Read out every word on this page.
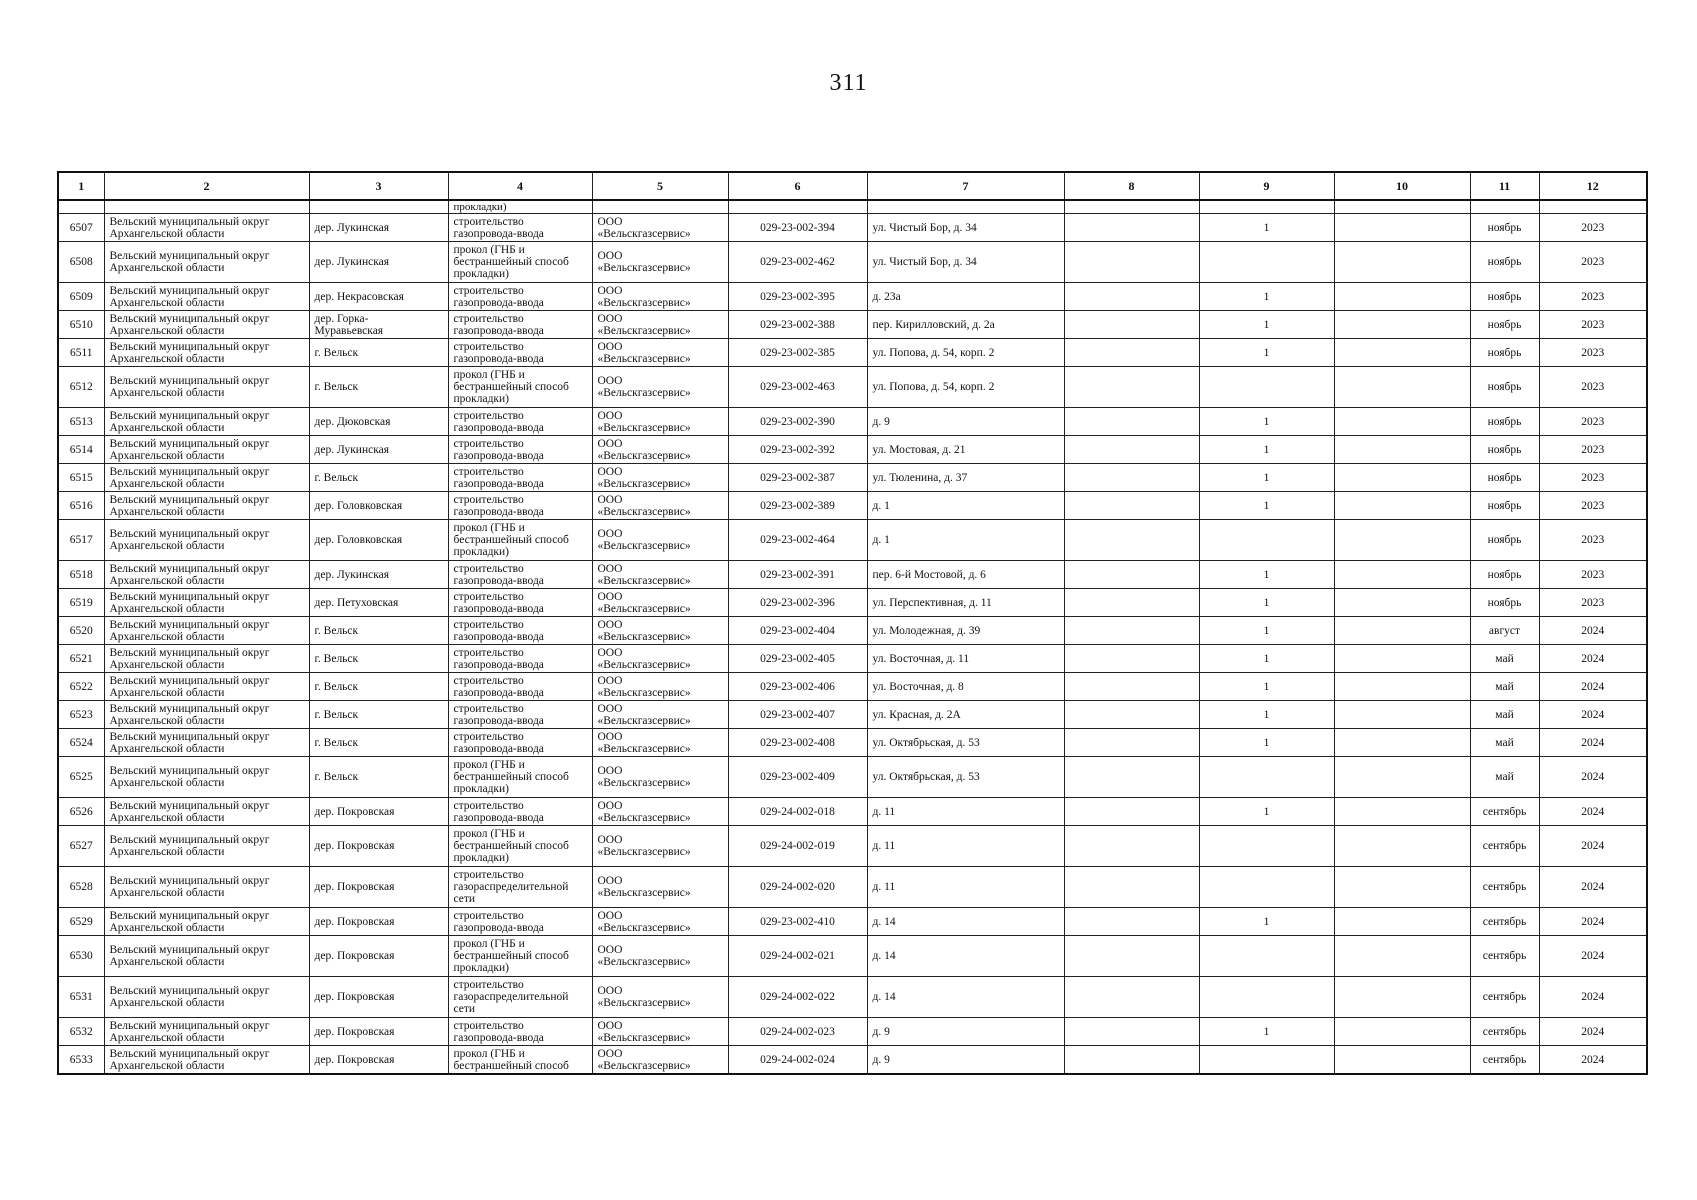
311
1	2	3	4	5	6	7	8	9	10	11	12
			прокладки)								
6507	Вельский муниципальный округ
Архангельской области	дер. Лукинская	строительство
газопровода-ввода	ООО
«Вельскгазсервис»	029-23-002-394	ул. Чистый Бор, д. 34		1		ноябрь	2023
6508	Вельский муниципальный округ
Архангельской области	дер. Лукинская	прокол (ГНБ и
бестраншейный способ
прокладки)	ООО
«Вельскгазсервис»	029-23-002-462	ул. Чистый Бор, д. 34				ноябрь	2023
6509	Вельский муниципальный округ
Архангельской области	дер. Некрасовская	строительство
газопровода-ввода	ООО
«Вельскгазсервис»	029-23-002-395	д. 23а		1		ноябрь	2023
6510	Вельский муниципальный округ
Архангельской области	дер. Горка-
Муравьевская	строительство
газопровода-ввода	ООО
«Вельскгазсервис»	029-23-002-388	пер. Кирилловский, д. 2а		1		ноябрь	2023
6511	Вельский муниципальный округ
Архангельской области	г. Вельск	строительство
газопровода-ввода	ООО
«Вельскгазсервис»	029-23-002-385	ул. Попова, д. 54, корп. 2		1		ноябрь	2023
6512	Вельский муниципальный округ
Архангельской области	г. Вельск	прокол (ГНБ и
бестраншейный способ
прокладки)	ООО
«Вельскгазсервис»	029-23-002-463	ул. Попова, д. 54, корп. 2				ноябрь	2023
6513	Вельский муниципальный округ
Архангельской области	дер. Дюковская	строительство
газопровода-ввода	ООО
«Вельскгазсервис»	029-23-002-390	д. 9		1		ноябрь	2023
6514	Вельский муниципальный округ
Архангельской области	дер. Лукинская	строительство
газопровода-ввода	ООО
«Вельскгазсервис»	029-23-002-392	ул. Мостовая, д. 21		1		ноябрь	2023
6515	Вельский муниципальный округ
Архангельской области	г. Вельск	строительство
газопровода-ввода	ООО
«Вельскгазсервис»	029-23-002-387	ул. Тюленина, д. 37		1		ноябрь	2023
6516	Вельский муниципальный округ
Архангельской области	дер. Головковская	строительство
газопровода-ввода	ООО
«Вельскгазсервис»	029-23-002-389	д. 1		1		ноябрь	2023
6517	Вельский муниципальный округ
Архангельской области	дер. Головковская	прокол (ГНБ и
бестраншейный способ
прокладки)	ООО
«Вельскгазсервис»	029-23-002-464	д. 1				ноябрь	2023
6518	Вельский муниципальный округ
Архангельской области	дер. Лукинская	строительство
газопровода-ввода	ООО
«Вельскгазсервис»	029-23-002-391	пер. 6-й Мостовой, д. 6		1		ноябрь	2023
6519	Вельский муниципальный округ
Архангельской области	дер. Петуховская	строительство
газопровода-ввода	ООО
«Вельскгазсервис»	029-23-002-396	ул. Перспективная, д. 11		1		ноябрь	2023
6520	Вельский муниципальный округ
Архангельской области	г. Вельск	строительство
газопровода-ввода	ООО
«Вельскгазсервис»	029-23-002-404	ул. Молодежная, д. 39		1		август	2024
6521	Вельский муниципальный округ
Архангельской области	г. Вельск	строительство
газопровода-ввода	ООО
«Вельскгазсервис»	029-23-002-405	ул. Восточная, д. 11		1		май	2024
6522	Вельский муниципальный округ
Архангельской области	г. Вельск	строительство
газопровода-ввода	ООО
«Вельскгазсервис»	029-23-002-406	ул. Восточная, д. 8		1		май	2024
6523	Вельский муниципальный округ
Архангельской области	г. Вельск	строительство
газопровода-ввода	ООО
«Вельскгазсервис»	029-23-002-407	ул. Красная, д. 2А		1		май	2024
6524	Вельский муниципальный округ
Архангельской области	г. Вельск	строительство
газопровода-ввода	ООО
«Вельскгазсервис»	029-23-002-408	ул. Октябрьская, д. 53		1		май	2024
6525	Вельский муниципальный округ
Архангельской области	г. Вельск	прокол (ГНБ и
бестраншейный способ
прокладки)	ООО
«Вельскгазсервис»	029-23-002-409	ул. Октябрьская, д. 53				май	2024
6526	Вельский муниципальный округ
Архангельской области	дер. Покровская	строительство
газопровода-ввода	ООО
«Вельскгазсервис»	029-24-002-018	д. 11		1		сентябрь	2024
6527	Вельский муниципальный округ
Архангельской области	дер. Покровская	прокол (ГНБ и
бестраншейный способ
прокладки)	ООО
«Вельскгазсервис»	029-24-002-019	д. 11				сентябрь	2024
6528	Вельский муниципальный округ
Архангельской области	дер. Покровская	строительство
газораспределительной
сети	ООО
«Вельскгазсервис»	029-24-002-020	д. 11				сентябрь	2024
6529	Вельский муниципальный округ
Архангельской области	дер. Покровская	строительство
газопровода-ввода	ООО
«Вельскгазсервис»	029-23-002-410	д. 14		1		сентябрь	2024
6530	Вельский муниципальный округ
Архангельской области	дер. Покровская	прокол (ГНБ и
бестраншейный способ
прокладки)	ООО
«Вельскгазсервис»	029-24-002-021	д. 14				сентябрь	2024
6531	Вельский муниципальный округ
Архангельской области	дер. Покровская	строительство
газораспределительной
сети	ООО
«Вельскгазсервис»	029-24-002-022	д. 14				сентябрь	2024
6532	Вельский муниципальный округ
Архангельской области	дер. Покровская	строительство
газопровода-ввода	ООО
«Вельскгазсервис»	029-24-002-023	д. 9		1		сентябрь	2024
6533	Вельский муниципальный округ
Архангельской области	дер. Покровская	прокол (ГНБ и
бестраншейный способ	ООО
«Вельскгазсервис»	029-24-002-024	д. 9				сентябрь	2024
